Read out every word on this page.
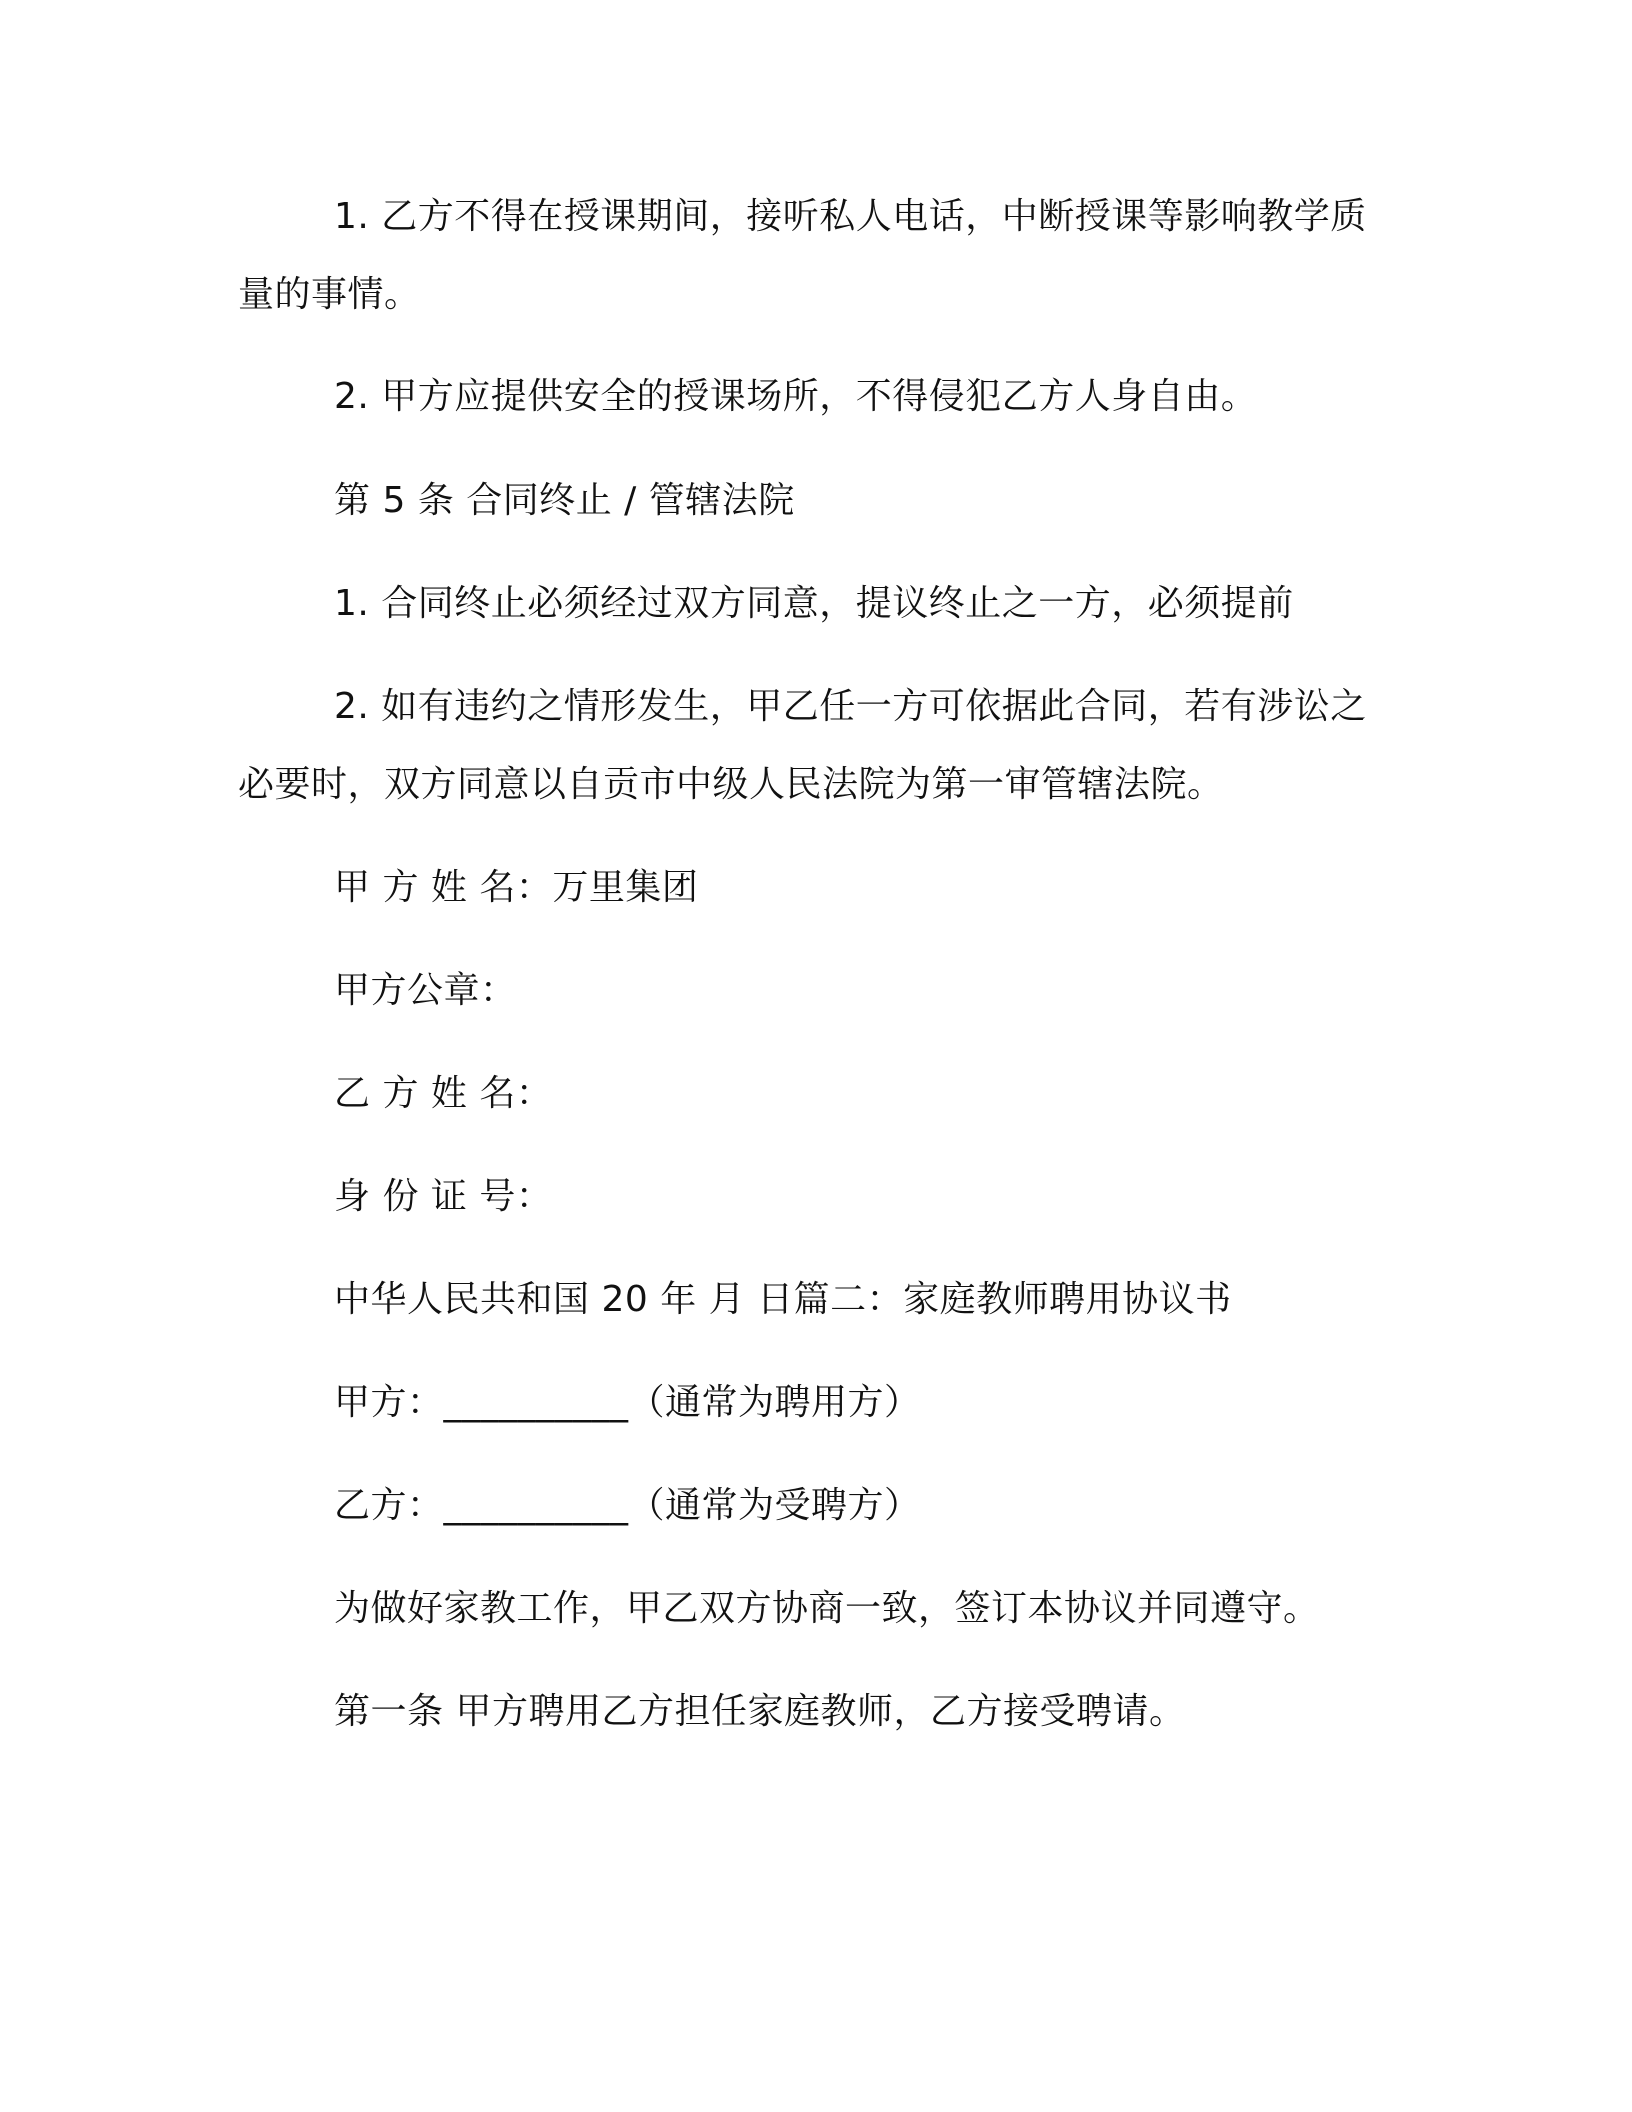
1. 乙方不得在授课期间，接听私人电话，中断授课等影响教学质量的事情。

2. 甲方应提供安全的授课场所，不得侵犯乙方人身自由。

第 5 条 合同终止 / 管辖法院

1. 合同终止必须经过双方同意，提议终止之一方，必须提前

2. 如有违约之情形发生，甲乙任一方可依据此合同，若有涉讼之必要时，双方同意以自贡市中级人民法院为第一审管辖法院。

甲 方 姓 名：万里集团

甲方公章：

乙 方 姓 名：

身 份 证 号：

中华人民共和国 20 年 月 日篇二：家庭教师聘用协议书

甲方：__________（通常为聘用方）

乙方：__________（通常为受聘方）

为做好家教工作，甲乙双方协商一致，签订本协议并同遵守。

第一条 甲方聘用乙方担任家庭教师，乙方接受聘请。
